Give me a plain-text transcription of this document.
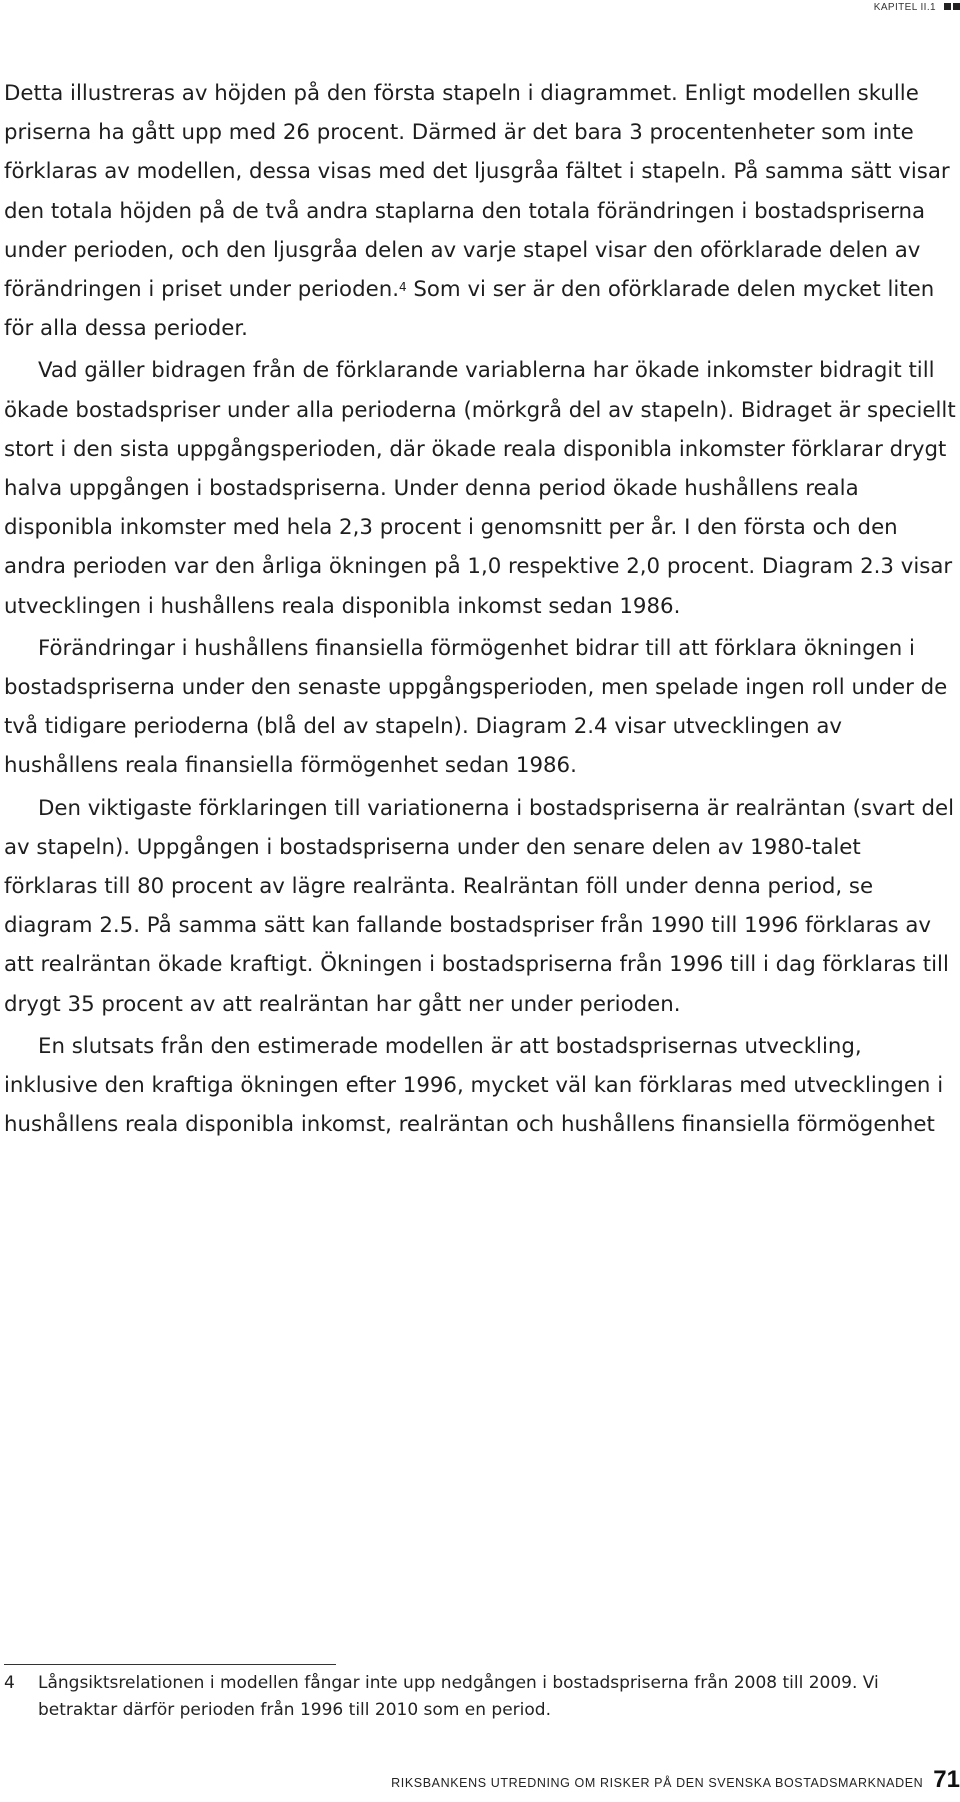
KAPITEL II.1

Detta illustreras av höjden på den första stapeln i diagrammet. Enligt modellen skulle priserna ha gått upp med 26 procent. Därmed är det bara 3 procentenheter som inte förklaras av modellen, dessa visas med det ljusgråa fältet i stapeln. På samma sätt visar den totala höjden på de två andra staplarna den totala förändringen i bostadspriserna under perioden, och den ljusgråa delen av varje stapel visar den oförklarade delen av förändringen i priset under perioden.$^4$ Som vi ser är den oförklarade delen mycket liten för alla dessa perioder.

Vad gäller bidragen från de förklarande variablerna har ökade inkomster bidragit till ökade bostadspriser under alla perioderna (mörkgrå del av stapeln). Bidraget är speciellt stort i den sista uppgångsperioden, där ökade reala disponibla inkomster förklarar drygt halva uppgången i bostadspriserna. Under denna period ökade hushållens reala disponibla inkomster med hela 2,3 procent i genomsnitt per år. I den första och den andra perioden var den årliga ökningen på 1,0 respektive 2,0 procent. Diagram 2.3 visar utvecklingen i hushållens reala disponibla inkomst sedan 1986.

Förändringar i hushållens finansiella förmögenhet bidrar till att förklara ökningen i bostadspriserna under den senaste uppgångsperioden, men spelade ingen roll under de två tidigare perioderna (blå del av stapeln). Diagram 2.4 visar utvecklingen av hushållens reala finansiella förmögenhet sedan 1986.

Den viktigaste förklaringen till variationerna i bostadspriserna är realräntan (svart del av stapeln). Uppgången i bostadspriserna under den senare delen av 1980-talet förklaras till 80 procent av lägre realränta. Realräntan föll under denna period, se diagram 2.5. På samma sätt kan fallande bostadspriser från 1990 till 1996 förklaras av att realräntan ökade kraftigt. Ökningen i bostadspriserna från 1996 till i dag förklaras till drygt 35 procent av att realräntan har gått ner under perioden.

En slutsats från den estimerade modellen är att bostadsprisernas utveckling, inklusive den kraftiga ökningen efter 1996, mycket väl kan förklaras med utvecklingen i hushållens reala disponibla inkomst, realräntan och hushållens finansiella förmögenhet

4	Långsiktsrelationen i modellen fångar inte upp nedgången i bostadspriserna från 2008 till 2009. Vi betraktar därför perioden från 1996 till 2010 som en period.
RIKSBANKENS UTREDNING OM RISKER PÅ DEN SVENSKA BOSTADSMARKNADEN 71
